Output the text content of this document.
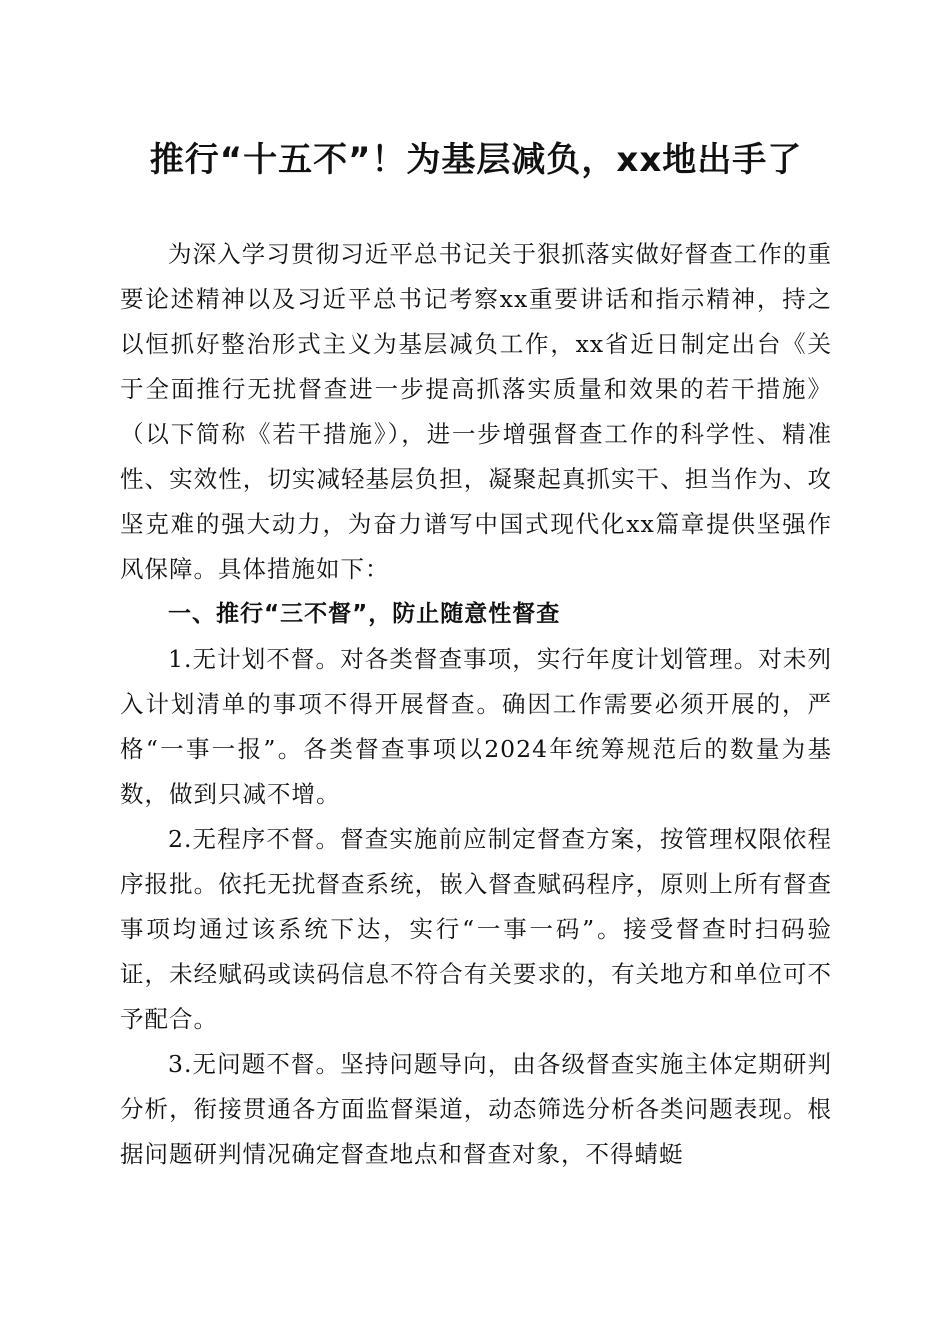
推行“十五不”！为基层减负，xx地出手了

为深入学习贯彻习近平总书记关于狠抓落实做好督查工作的重要论述精神以及习近平总书记考察xx重要讲话和指示精神，持之以恒抓好整治形式主义为基层减负工作，xx省近日制定出台《关于全面推行无扰督查进一步提高抓落实质量和效果的若干措施》（以下简称《若干措施》），进一步增强督查工作的科学性、精准性、实效性，切实减轻基层负担，凝聚起真抓实干、担当作为、攻坚克难的强大动力，为奋力谱写中国式现代化xx篇章提供坚强作风保障。具体措施如下：

一、推行“三不督”，防止随意性督查

1.无计划不督。对各类督查事项，实行年度计划管理。对未列入计划清单的事项不得开展督查。确因工作需要必须开展的，严格“一事一报”。各类督查事项以2024年统筹规范后的数量为基数，做到只减不增。

2.无程序不督。督查实施前应制定督查方案，按管理权限依程序报批。依托无扰督查系统，嵌入督查赋码程序，原则上所有督查事项均通过该系统下达，实行“一事一码”。接受督查时扫码验证，未经赋码或读码信息不符合有关要求的，有关地方和单位可不予配合。

3.无问题不督。坚持问题导向，由各级督查实施主体定期研判分析，衔接贯通各方面监督渠道，动态筛选分析各类问题表现。根据问题研判情况确定督查地点和督查对象，不得蜻蜓
